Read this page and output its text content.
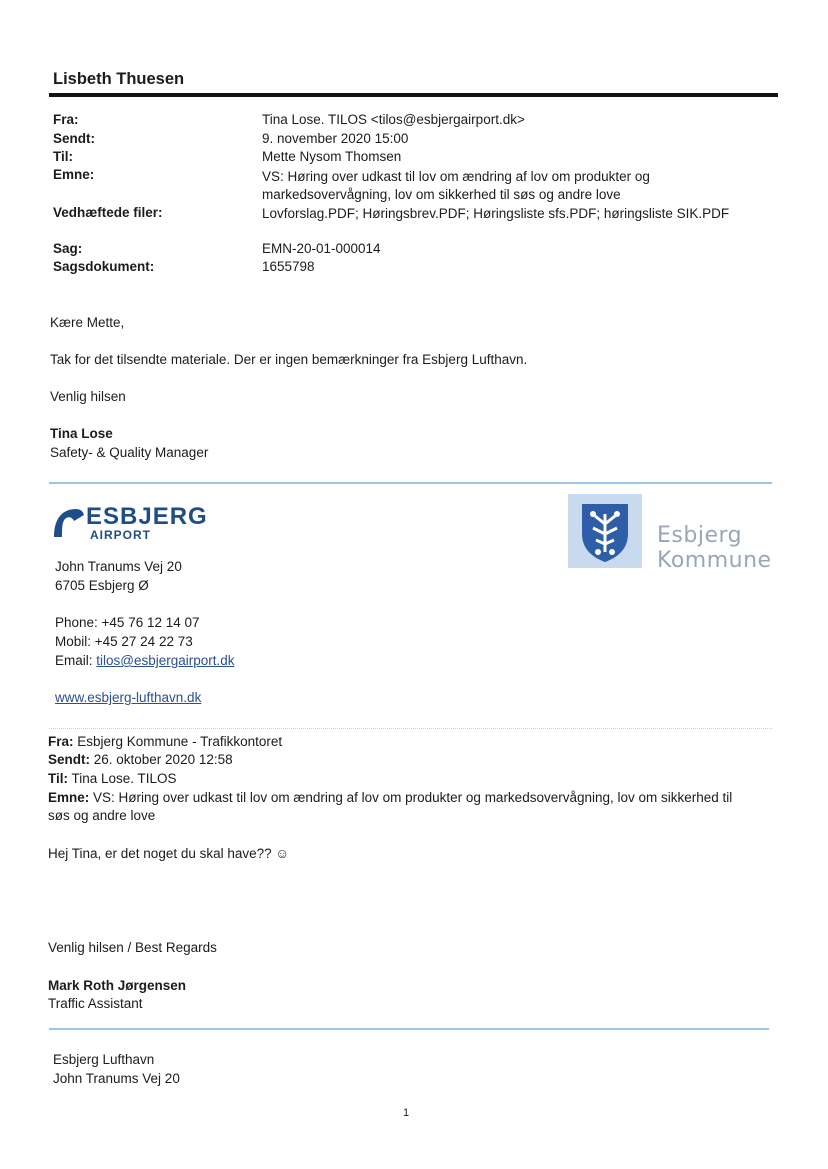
Lisbeth Thuesen
Fra:	Tina Lose. TILOS <tilos@esbjergairport.dk>
Sendt:	9. november 2020 15:00
Til:	Mette Nysom Thomsen
Emne:	VS: Høring over udkast til lov om ændring af lov om produkter og
markedsovervågning, lov om sikkerhed til søs og andre love
Vedhæftede filer:	Lovforslag.PDF; Høringsbrev.PDF; Høringsliste sfs.PDF; høringsliste SIK.PDF
Sag:	EMN-20-01-000014
Sagsdokument:	1655798
Kære Mette,
Tak for det tilsendte materiale. Der er ingen bemærkninger fra Esbjerg Lufthavn.
Venlig hilsen
Tina Lose
Safety- & Quality Manager
ESBJERG
AIRPORT	Esbjerg
Kommune
John Tranums Vej 20
6705 Esbjerg Ø
Phone: +45 76 12 14 07
Mobil: +45 27 24 22 73
Email: tilos@esbjergairport.dk
www.esbjerg-lufthavn.dk
Fra: Esbjerg Kommune - Trafikkontoret
Sendt: 26. oktober 2020 12:58
Til: Tina Lose. TILOS
Emne: VS: Høring over udkast til lov om ændring af lov om produkter og markedsovervågning, lov om sikkerhed til
søs og andre love
Hej Tina, er det noget du skal have?? ☺
Venlig hilsen / Best Regards
Mark Roth Jørgensen
Traffic Assistant
Esbjerg Lufthavn
John Tranums Vej 20
1
